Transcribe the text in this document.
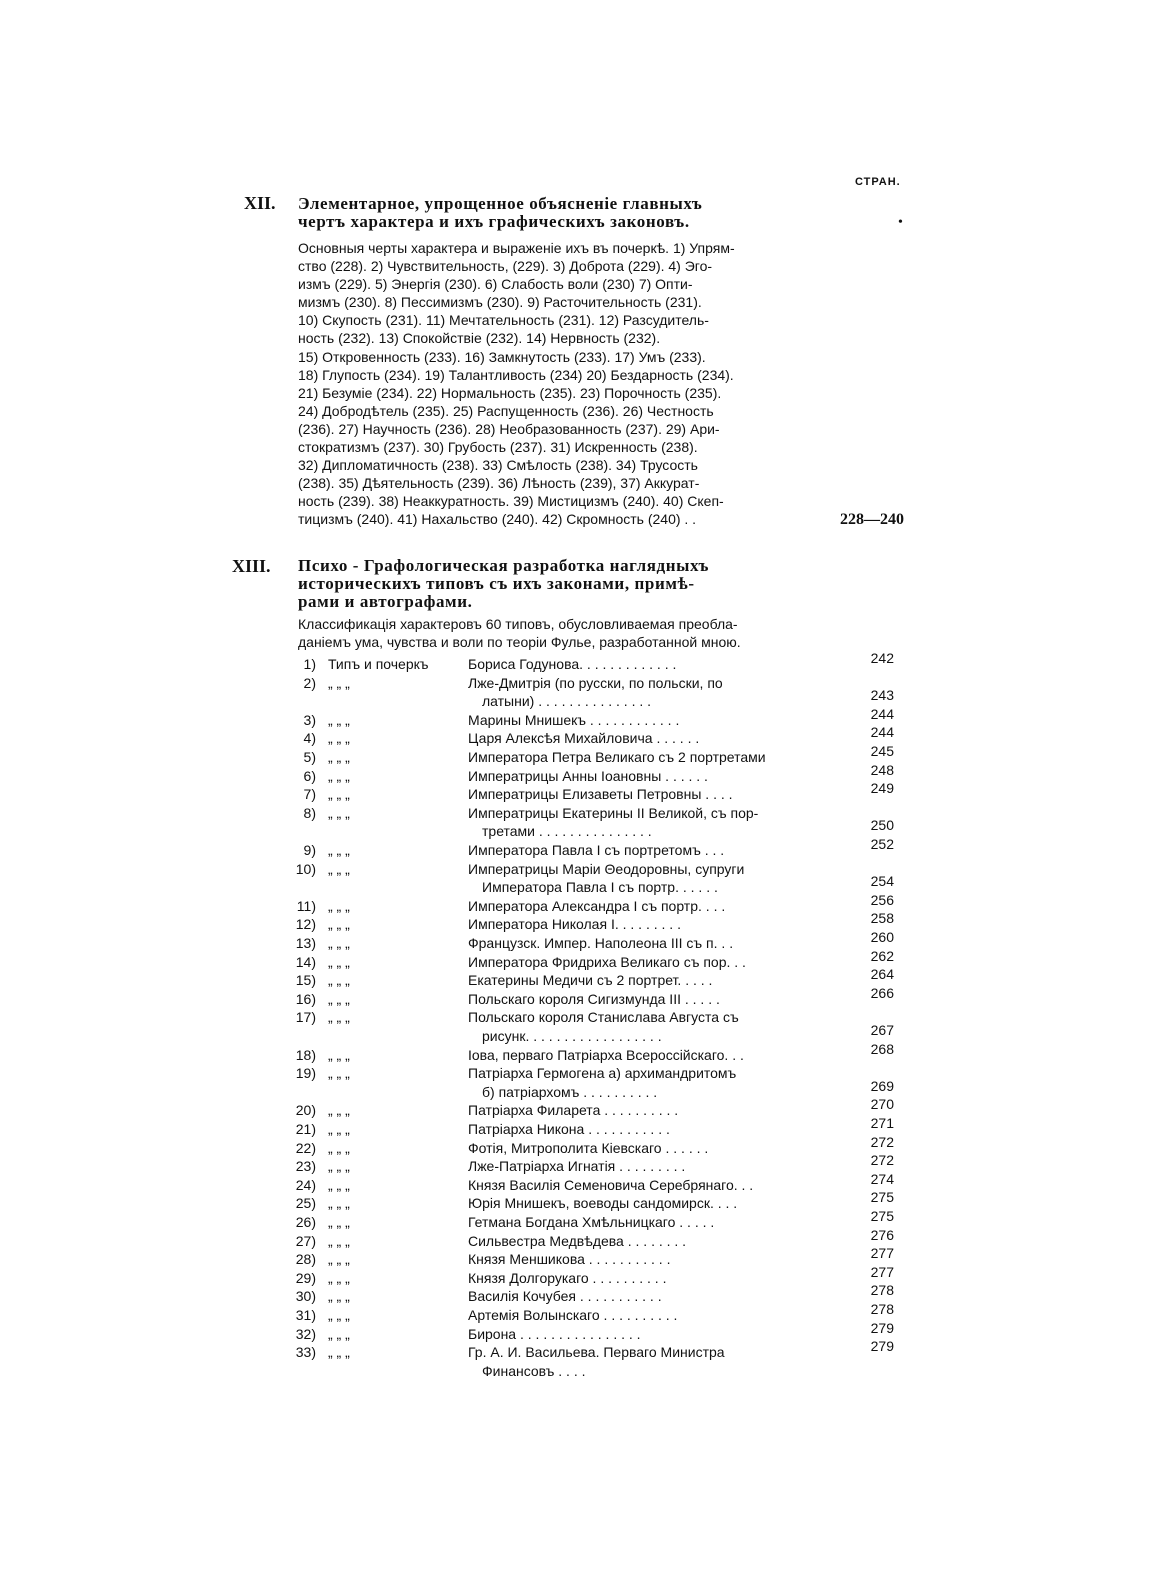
СТРАН.
XII. Элементарное, упрощенное объясненіе главныхъ
чертъ характера и ихъ графическихъ законовъ.	•
Основныя черты характера и выраженіе ихъ въ почеркѣ. 1) Упрям-
ство (228). 2) Чувствительность, (229). 3) Доброта (229). 4) Эго-
измъ (229). 5) Энергія (230). 6) Слабость воли (230) 7) Опти-
мизмъ (230). 8) Пессимизмъ (230). 9) Расточительность (231).
10) Скупость (231). 11) Мечтательность (231). 12) Разсудитель-
ность (232). 13) Спокойствіе (232). 14) Нервность (232).
15) Откровенность (233). 16) Замкнутость (233). 17) Умъ (233).
18) Глупость (234). 19) Талантливость (234) 20) Бездарность (234).
21) Безуміе (234). 22) Нормальность (235). 23) Порочность (235).
24) Добродѣтель (235). 25) Распущенность (236). 26) Честность
(236). 27) Научность (236). 28) Необразованность (237). 29) Ари-
стократизмъ (237). 30) Грубость (237). 31) Искренность (238).
32) Дипломатичность (238). 33) Смѣлость (238). 34) Трусость
(238). 35) Дѣятельность (239). 36) Лѣность (239), 37) Аккурат-
ность (239). 38) Неаккуратность. 39) Мистицизмъ (240). 40) Скеп-
тицизмъ (240). 41) Нахальство (240). 42) Скромность (240) . .	228—240
XIII. Психо - Графологическая разработка наглядныхъ
историческихъ типовъ съ ихъ законами, примѣ-
рами и автографами.
Классификація характеровъ 60 типовъ, обусловливаемая преобла-
даніемъ ума, чувства и воли по теоріи Фулье, разработанной мною.
1) Типъ и почеркъ	Бориса Годунова. . . . . . . . . . . . .	242
2) „ „ „	Лже-Дмитрія (по русски, по польски, по
латыни) . . . . . . . . . . . . . . .	243
3) „ „ „	Марины Мнишекъ . . . . . . . . . . . .	244
4) „ „ „	Царя Алексѣя Михайловича . . . . . .	244
5) „ „ „	Императора Петра Великаго съ 2 портретами	245
6) „ „ „	Императрицы Анны Іоановны . . . . . .	248
7) „ „ „	Императрицы Елизаветы Петровны . . . .	249
8) „ „ „	Императрицы Екатерины II Великой, съ пор-
третами . . . . . . . . . . . . . . .	250
9) „ „ „	Императора Павла I съ портретомъ . . .	252
10) „ „ „	Императрицы Маріи Θеодоровны, супруги
Императора Павла I съ портр. . . . . .	254
11) „ „ „	Императора Александра I съ портр. . . .	256
12) „ „ „	Императора Николая I. . . . . . . . .	258
13) „ „ „	Французск. Импер. Наполеона III съ п. . .	260
14) „ „ „	Императора Фридриха Великаго съ пор. . .	262
15) „ „ „	Екатерины Медичи съ 2 портрет. . . . .	264
16) „ „ „	Польскаго короля Сигизмунда III . . . . .	266
17) „ „ „	Польскаго короля Станислава Августа съ
рисунк. . . . . . . . . . . . . . . . . .	267
18) „ „ „	Іова, перваго Патріарха Всероссійскаго. . .	268
19) „ „ „	Патріарха Гермогена а) архимандритомъ
б) патріархомъ . . . . . . . . . .	269
20) „ „ „	Патріарха Филарета . . . . . . . . . .	270
21) „ „ „	Патріарха Никона . . . . . . . . . . .	271
22) „ „ „	Фотія, Митрополита Кіевскаго . . . . . .	272
23) „ „ „	Лже-Патріарха Игнатія . . . . . . . . .	272
24) „ „ „	Князя Василія Семеновича Серебрянаго. . .	274
25) „ „ „	Юрія Мнишекъ, воеводы сандомирск. . . .	275
26) „ „ „	Гетмана Богдана Хмѣльницкаго . . . . .	275
27) „ „ „	Сильвестра Медвѣдева . . . . . . . .	276
28) „ „ „	Князя Меншикова . . . . . . . . . . .	277
29) „ „ „	Князя Долгорукаго . . . . . . . . . .	277
30) „ „ „	Василія Кочубея . . . . . . . . . . .	278
31) „ „ „	Артемія Волынскаго . . . . . . . . . .	278
32) „ „ „	Бирона . . . . . . . . . . . . . . . .	279
33) „ „ „	Гр. А. И. Васильева. Перваго Министра	279
Финансовъ . . . .
